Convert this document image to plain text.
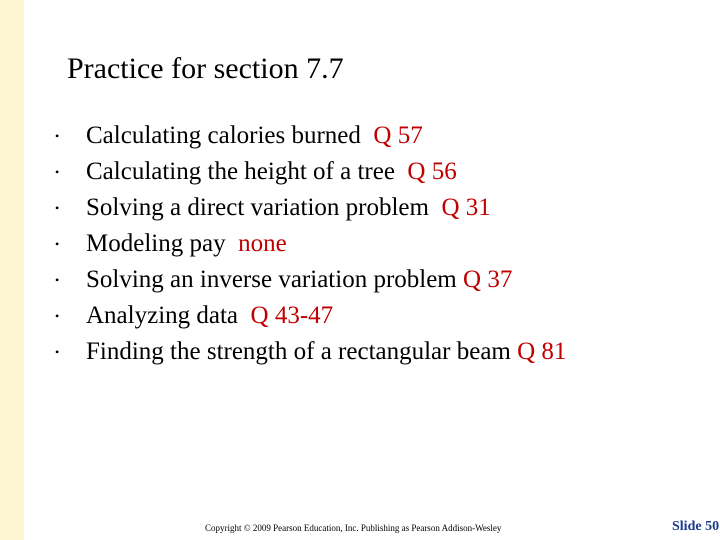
Practice for section 7.7
•	Calculating calories burned Q 57
•	Calculating the height of a tree Q 56
•	Solving a direct variation problem Q 31
•	Modeling pay none
•	Solving an inverse variation problem Q 37
•	Analyzing data Q 43-47
•	Finding the strength of a rectangular beam Q 81
Copyright © 2009 Pearson Education, Inc. Publishing as Pearson Addison-Wesley	Slide 50
